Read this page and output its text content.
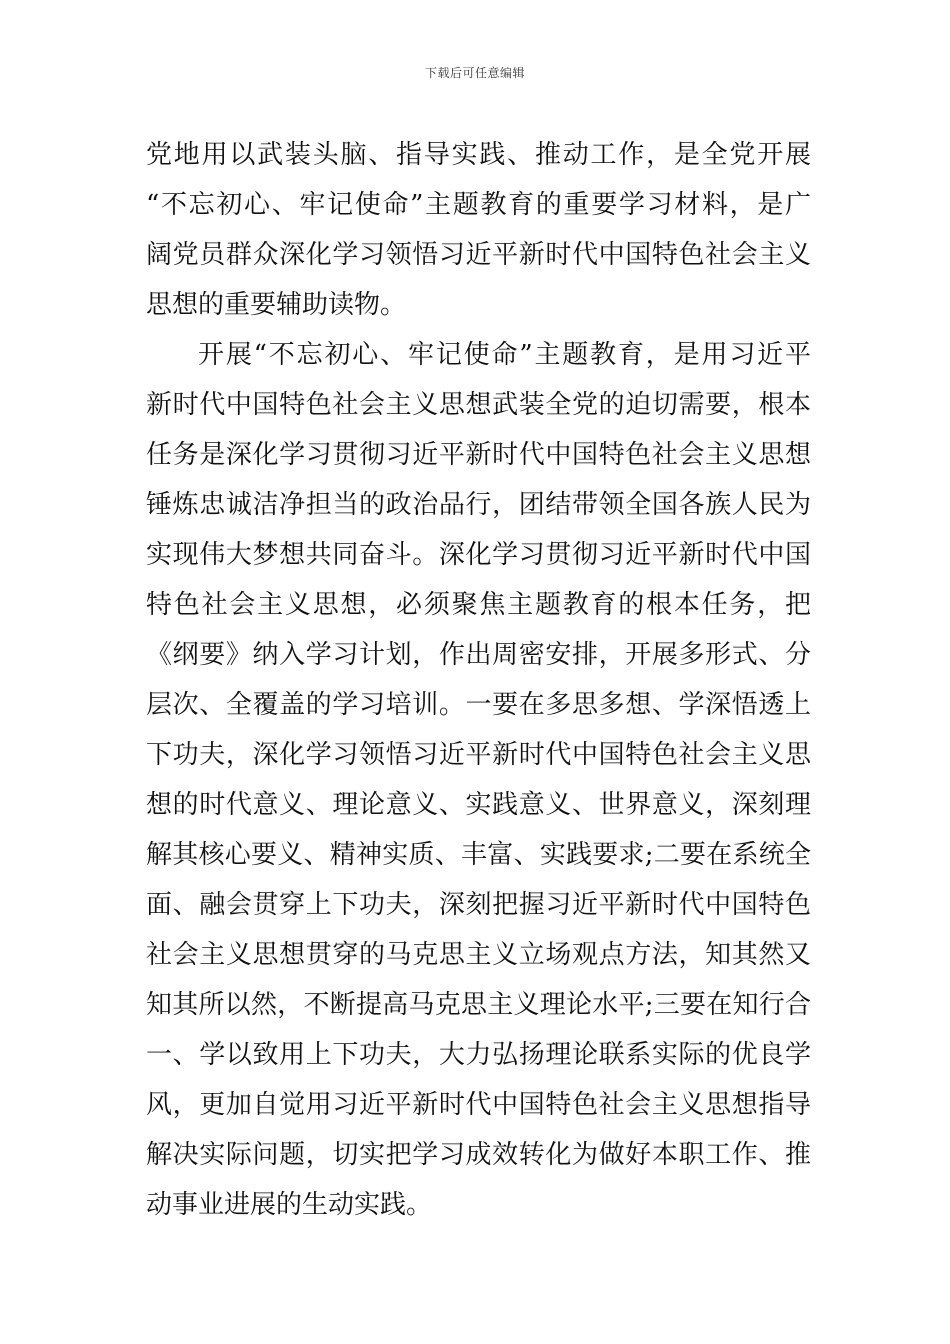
下载后可任意编辑
党地用以武装头脑、指导实践、推动工作，是全党开展
“不忘初心、牢记使命”主题教育的重要学习材料，是广
阔党员群众深化学习领悟习近平新时代中国特色社会主义
思想的重要辅助读物。
开展“不忘初心、牢记使命”主题教育，是用习近平
新时代中国特色社会主义思想武装全党的迫切需要，根本
任务是深化学习贯彻习近平新时代中国特色社会主义思想
锤炼忠诚洁净担当的政治品行，团结带领全国各族人民为
实现伟大梦想共同奋斗。深化学习贯彻习近平新时代中国
特色社会主义思想，必须聚焦主题教育的根本任务，把
《纲要》纳入学习计划，作出周密安排，开展多形式、分
层次、全覆盖的学习培训。一要在多思多想、学深悟透上
下功夫，深化学习领悟习近平新时代中国特色社会主义思
想的时代意义、理论意义、实践意义、世界意义，深刻理
解其核心要义、精神实质、丰富、实践要求;二要在系统全
面、融会贯穿上下功夫，深刻把握习近平新时代中国特色
社会主义思想贯穿的马克思主义立场观点方法，知其然又
知其所以然，不断提高马克思主义理论水平;三要在知行合
一、学以致用上下功夫，大力弘扬理论联系实际的优良学
风，更加自觉用习近平新时代中国特色社会主义思想指导
解决实际问题，切实把学习成效转化为做好本职工作、推
动事业进展的生动实践。
